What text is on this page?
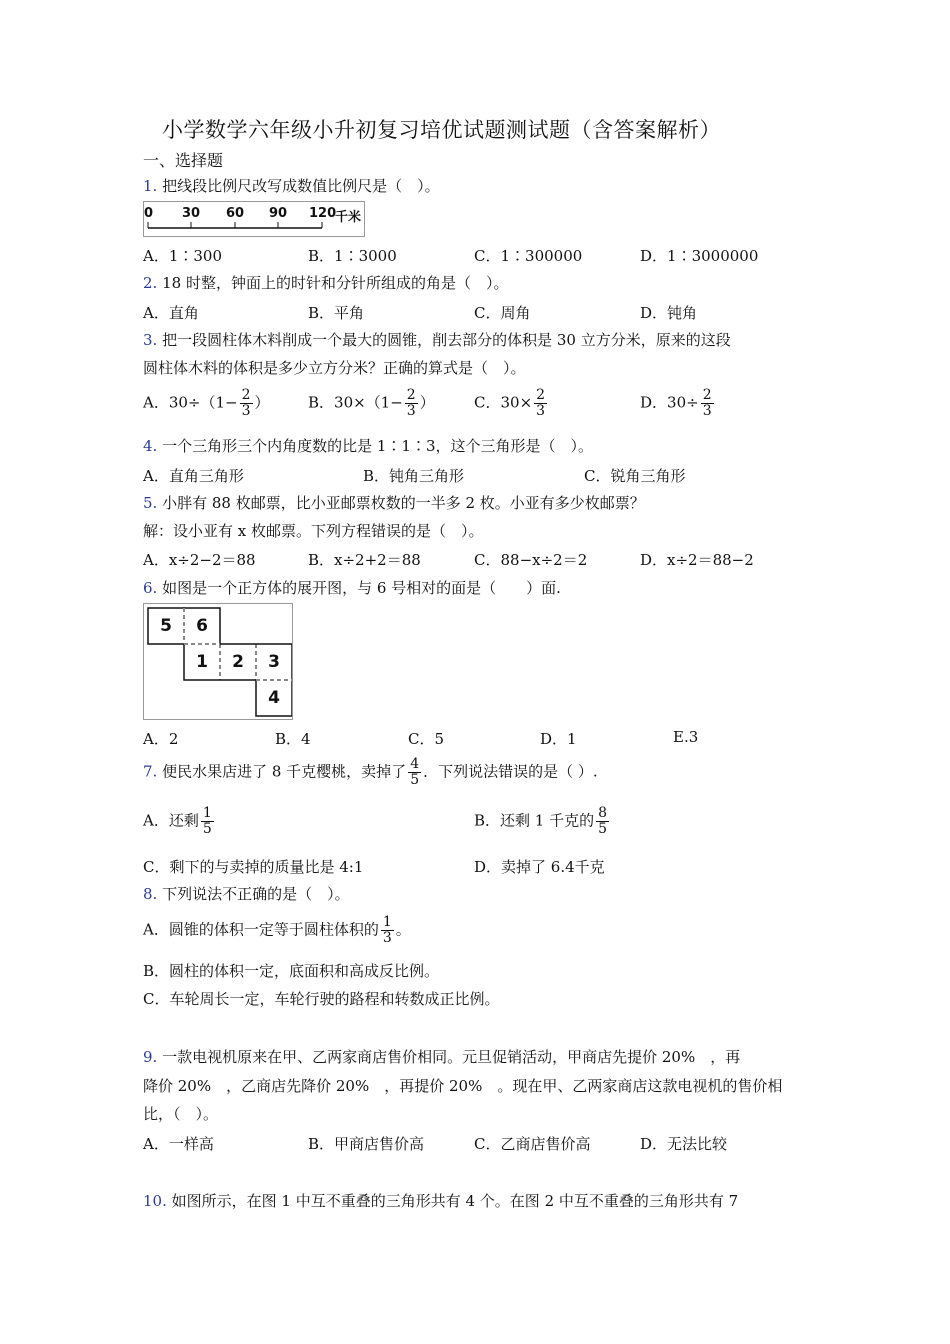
小学数学六年级小升初复习培优试题测试题（含答案解析）
一、选择题
1. 把线段比例尺改写成数值比例尺是（　）。
0 30 60 90 120
千米
A．1∶300	B．1∶3000	C．1∶300000	D．1∶3000000
2. 18 时整，钟面上的时针和分针所组成的角是（　）。
A．直角	B．平角	C．周角	D．钝角
3. 把一段圆柱体木料削成一个最大的圆锥，削去部分的体积是 30 立方分米，原来的这段
圆柱体木料的体积是多少立方分米？正确的算式是（　）。
A．$30\div(1- \frac{2}{3}$ ）	B．$30\times(1- \frac{2}{3}$ ）	C．$30\times \frac{2}{3}$	D．$30\div \frac{2}{3}$
4. 一个三角形三个内角度数的比是 1∶1∶3，这个三角形是（　）。
A．直角三角形	B．钝角三角形	C．锐角三角形
5. 小胖有 88 枚邮票，比小亚邮票枚数的一半多 2 枚。小亚有多少枚邮票？
解：设小亚有 x 枚邮票。下列方程错误的是（　）。
A．x÷2−2＝88	B．x÷2+2＝88	C．88−x÷2＝2	D．x÷2＝88−2
6. 如图是一个正方体的展开图，与 6 号相对的面是（　　）面.
5	6
1	2	3
4
A．2	B．4	C．5	D．1	E.3
7. 便民水果店进了 8 千克樱桃，卖掉了 $\frac{4}{5}$ ．下列说法错误的是（ ）.
A．还剩 $\frac{1}{5}$	B．还剩 1 千克的 $\frac{8}{5}$
C．剩下的与卖掉的质量比是 4:1	D．卖掉了 6.4千克
8. 下列说法不正确的是（　）。
A．圆锥的体积一定等于圆柱体积的 $\frac{1}{3}$ 。
B．圆柱的体积一定，底面积和高成反比例。
C．车轮周长一定，车轮行驶的路程和转数成正比例。
9. 一款电视机原来在甲、乙两家商店售价相同。元旦促销活动，甲商店先提价 20%　，再
降价 20%　，乙商店先降价 20%　，再提价 20%　。现在甲、乙两家商店这款电视机的售价相
比，（　）。
A．一样高	B．甲商店售价高	C．乙商店售价高	D．无法比较
10. 如图所示，在图 1 中互不重叠的三角形共有 4 个。在图 2 中互不重叠的三角形共有 7
